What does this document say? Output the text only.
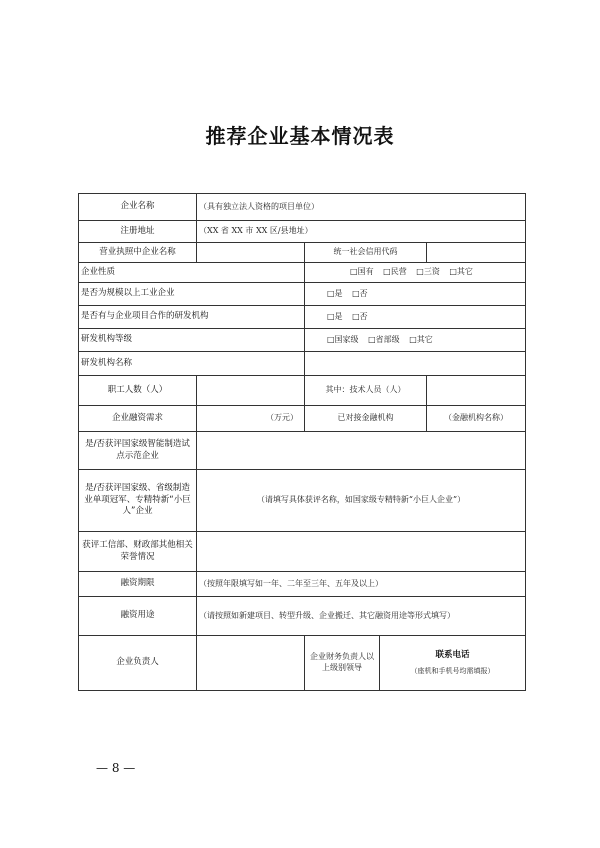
推荐企业基本情况表
企业名称	（具有独立法人资格的项目单位）			
注册地址	（XX 省 XX 市 XX 区/县地址）			
营业执照中企业名称		统一社会信用代码		
企业性质		□国有 □民营 □三资 □其它		
是否为规模以上工业企业		□是 □否		
是否有与企业项目合作的研发机构		□是 □否		
研发机构等级		□国家级 □省部级 □其它		
研发机构名称				
职工人数（人）		其中：技术人员（人）		
企业融资需求	（万元）	已对接金融机构		（金融机构名称）
是/否获评国家级智能制造试点示范企业				
是/否获评国家级、省级制造业单项冠军、专精特新“小巨人”企业	（请填写具体获评名称，如国家级专精特新“小巨人企业”）			
获评工信部、财政部其他相关荣誉情况				
融资期限	（按照年限填写如一年、二年至三年、五年及以上）			
融资用途	（请按照如新建项目、转型升级、企业搬迁、其它融资用途等形式填写）			
企业负责人		企业财务负责人以上级别领导	联系电话
（座机和手机号均需填报）	
— 8 —
